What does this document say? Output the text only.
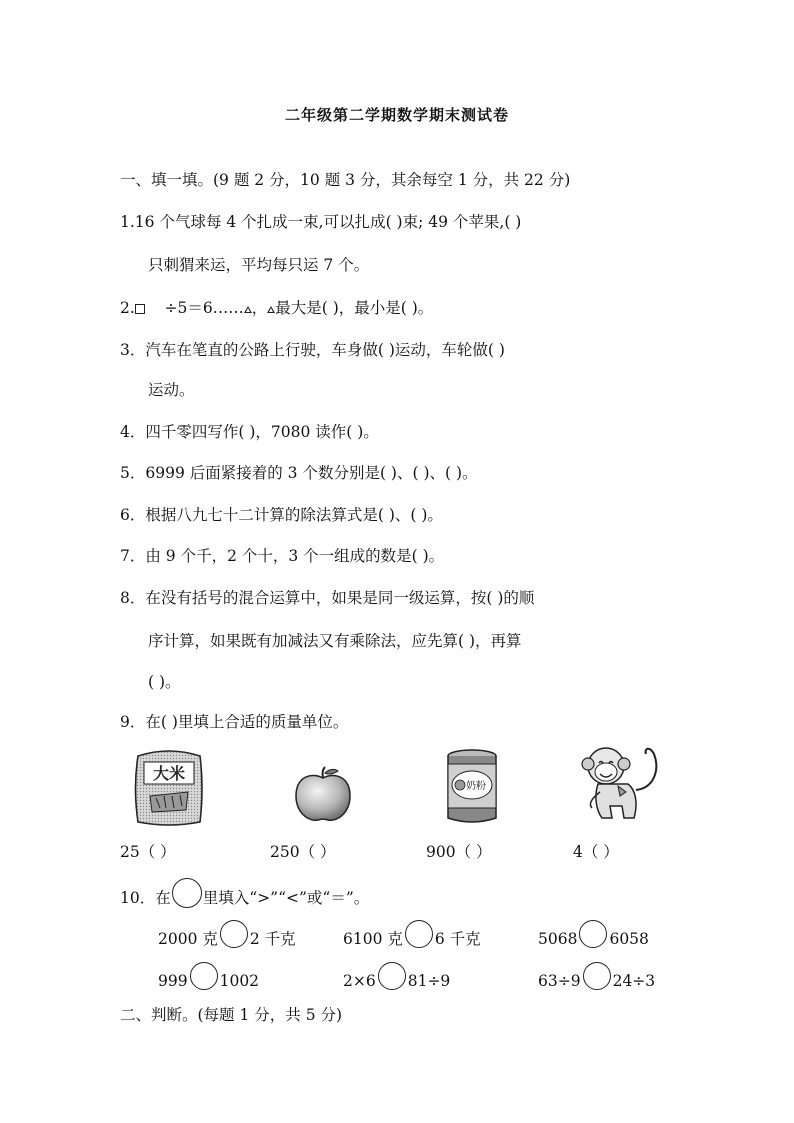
二年级第二学期数学期末测试卷
一、填一填。(9 题 2 分，10 题 3 分，其余每空 1 分，共 22 分)
1.16 个气球每 4 个扎成一束,可以扎成( )束; 49 个苹果,( )
只刺猬来运，平均每只运 7 个。
2. ÷5＝6…… ， 最大是( )，最小是( )。
3．汽车在笔直的公路上行驶，车身做( )运动，车轮做( )
运动。
4．四千零四写作( )，7080 读作( )。
5．6999 后面紧接着的 3 个数分别是( )、( )、( )。
6．根据八九七十二计算的除法算式是( )、( )。
7．由 9 个千，2 个十，3 个一组成的数是( )。
8．在没有括号的混合运算中，如果是同一级运算，按( )的顺
序计算，如果既有加减法又有乘除法，应先算( )，再算
( )。
9．在( )里填上合适的质量单位。
大米
奶粉
25（ ）	250（ ）	900（ ）	4（ ）
10．在 里填入“>”“<”或“＝”。
2000 克 2 千克	6100 克 6 千克	5068 6058
999 1002	2×6 81÷9	63÷9 24÷3
二、判断。(每题 1 分，共 5 分)
